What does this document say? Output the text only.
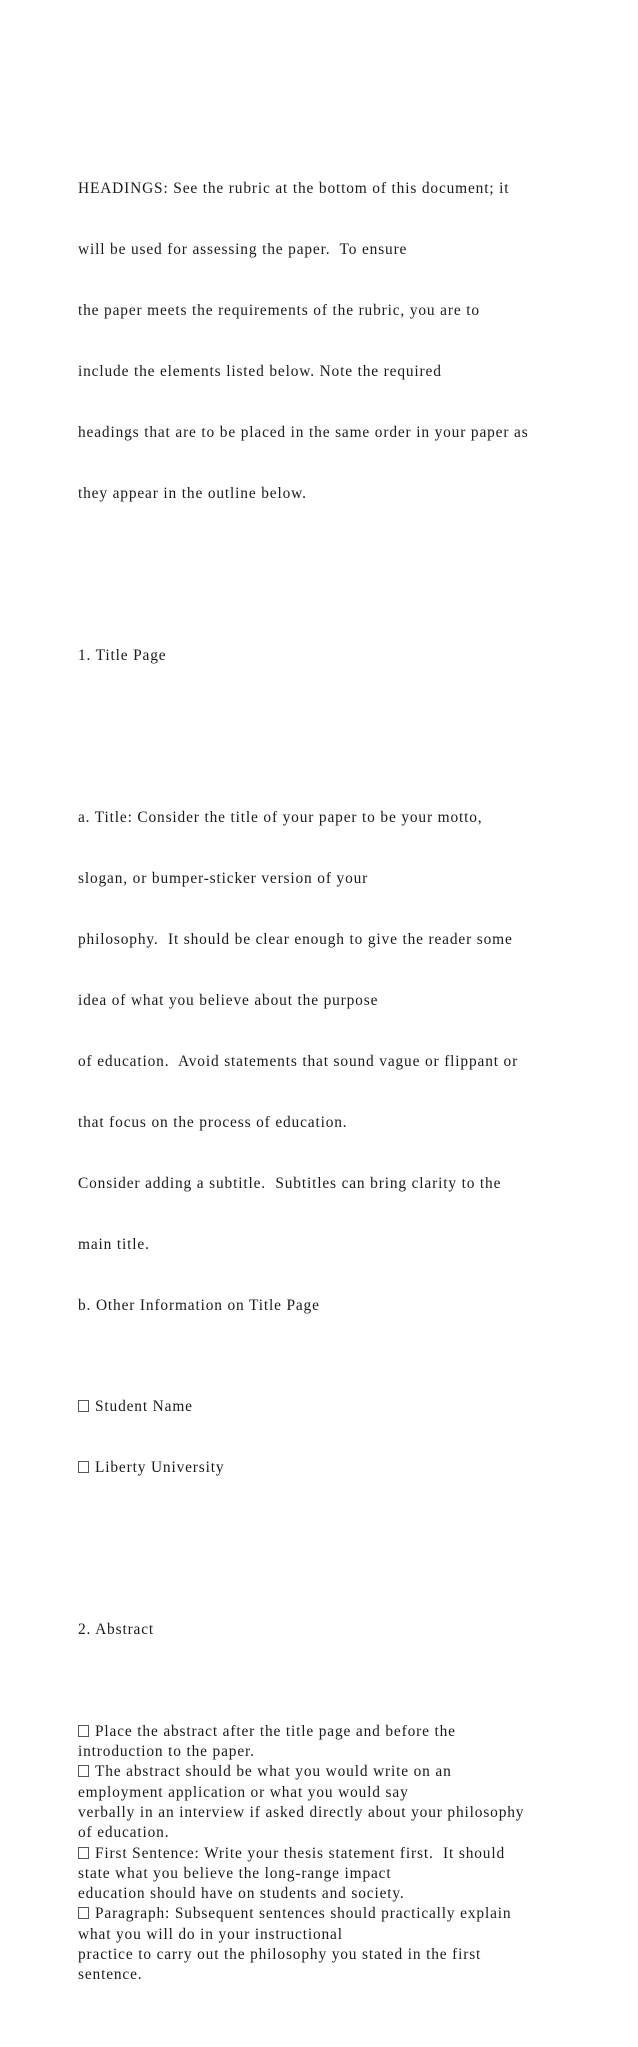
HEADINGS: See the rubric at the bottom of this document; it

will be used for assessing the paper.  To ensure

the paper meets the requirements of the rubric, you are to

include the elements listed below. Note the required

headings that are to be placed in the same order in your paper as

they appear in the outline below.

1. Title Page

a. Title: Consider the title of your paper to be your motto,

slogan, or bumper-sticker version of your

philosophy.  It should be clear enough to give the reader some

idea of what you believe about the purpose

of education.  Avoid statements that sound vague or flippant or

that focus on the process of education.

Consider adding a subtitle.  Subtitles can bring clarity to the

main title.

b. Other Information on Title Page

Student Name

Liberty University

2. Abstract

Place the abstract after the title page and before the
introduction to the paper.
The abstract should be what you would write on an
employment application or what you would say
verbally in an interview if asked directly about your philosophy
of education.
First Sentence: Write your thesis statement first.  It should
state what you believe the long-range impact
education should have on students and society.
Paragraph: Subsequent sentences should practically explain
what you will do in your instructional
practice to carry out the philosophy you stated in the first
sentence.
